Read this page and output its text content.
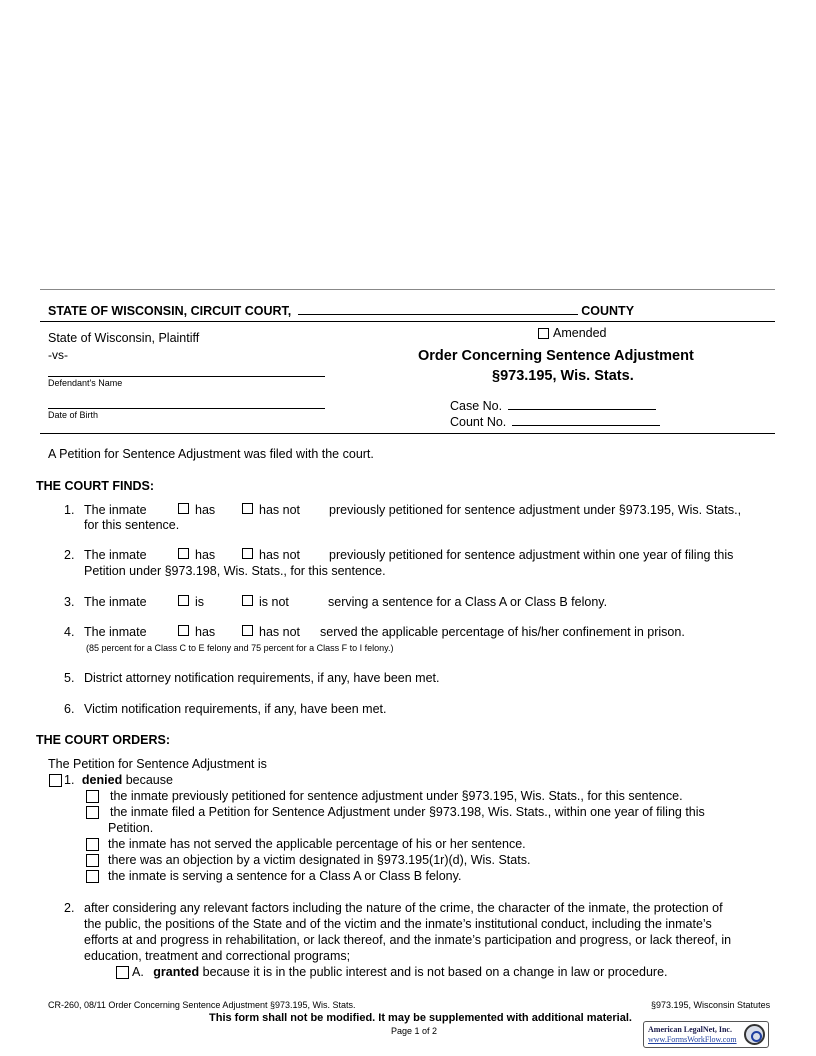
STATE OF WISCONSIN, CIRCUIT COURT,	COUNTY
State of Wisconsin, Plaintiff
-vs-
Defendant's Name
Date of Birth
Amended
Order Concerning Sentence Adjustment
§973.195, Wis. Stats.
Case No.
Count No.
A Petition for Sentence Adjustment was filed with the court.
THE COURT FINDS:
1. The inmate	has	has not previously petitioned for sentence adjustment under §973.195, Wis. Stats.,
for this sentence.
2. The inmate	has	has not previously petitioned for sentence adjustment within one year of filing this
Petition under §973.198, Wis. Stats., for this sentence.
3. The inmate	is	is not	serving a sentence for a Class A or Class B felony.
4. The inmate	has	has not served the applicable percentage of his/her confinement in prison.
(85 percent for a Class C to E felony and 75 percent for a Class F to I felony.)
5. District attorney notification requirements, if any, have been met.
6. Victim notification requirements, if any, have been met.
THE COURT ORDERS:
The Petition for Sentence Adjustment is
1. denied because
the inmate previously petitioned for sentence adjustment under §973.195, Wis. Stats., for this sentence.
the inmate filed a Petition for Sentence Adjustment under §973.198, Wis. Stats., within one year of filing this
Petition.
the inmate has not served the applicable percentage of his or her sentence.
there was an objection by a victim designated in §973.195(1r)(d), Wis. Stats.
the inmate is serving a sentence for a Class A or Class B felony.
2. after considering any relevant factors including the nature of the crime, the character of the inmate, the protection of
the public, the positions of the State and of the victim and the inmate’s institutional conduct, including the inmate’s
efforts at and progress in rehabilitation, or lack thereof, and the inmate’s participation and progress, or lack thereof, in
education, treatment and correctional programs;
A. granted because it is in the public interest and is not based on a change in law or procedure.
CR-260, 08/11 Order Concerning Sentence Adjustment §973.195, Wis. Stats.	§973.195, Wisconsin Statutes
This form shall not be modified. It may be supplemented with additional material.
Page 1 of 2	American LegalNet, Inc.
www.FormsWorkFlow.com
